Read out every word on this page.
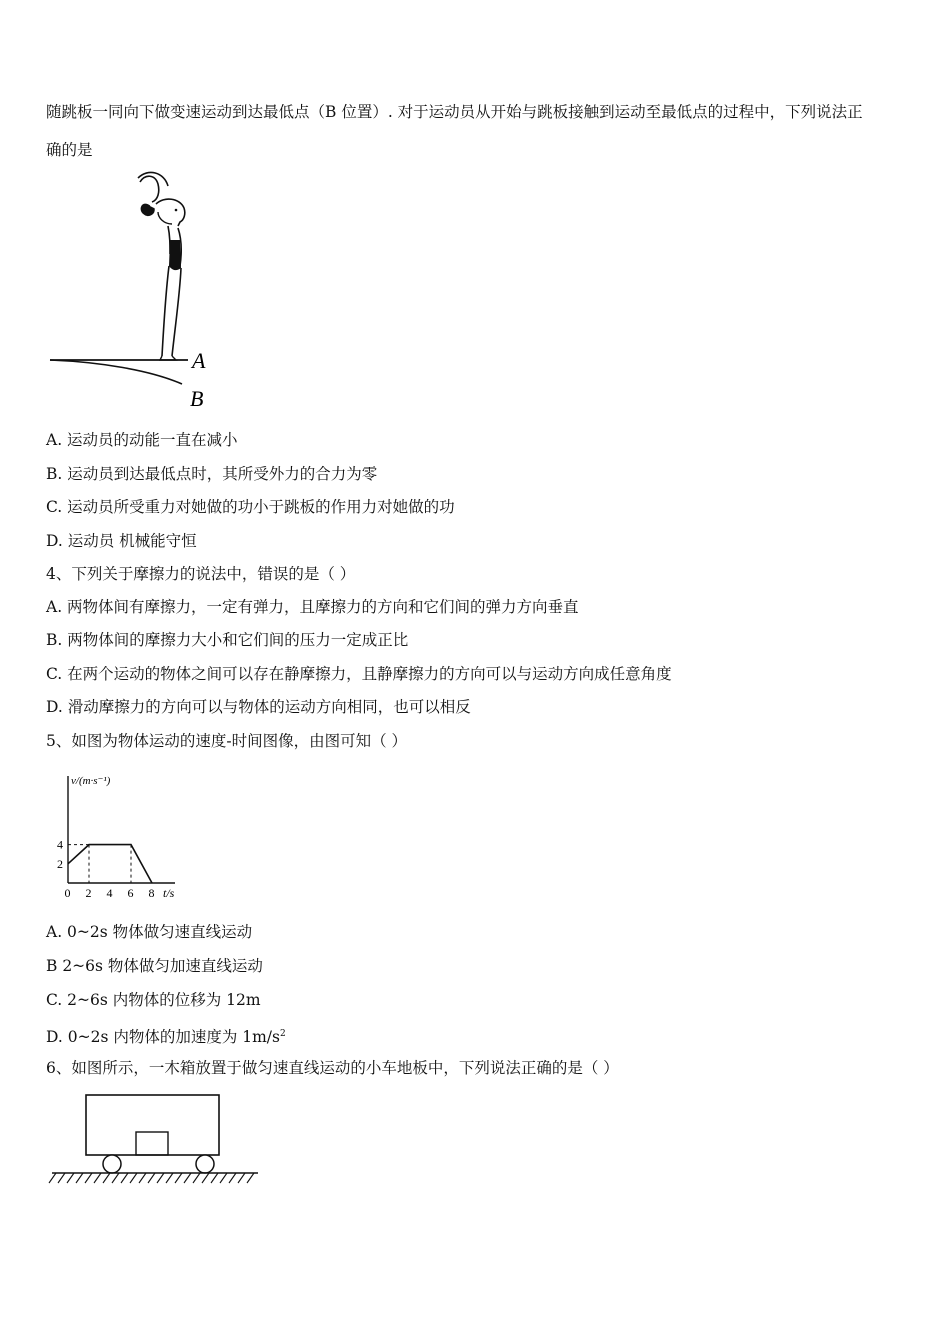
随跳板一同向下做变速运动到达最低点（B 位置）. 对于运动员从开始与跳板接触到运动至最低点的过程中，下列说法正
确的是
A
B
A. 运动员的动能一直在减小
B. 运动员到达最低点时，其所受外力的合力为零
C. 运动员所受重力对她做的功小于跳板的作用力对她做的功
D. 运动员 机械能守恒
4、下列关于摩擦力的说法中，错误的是（ ）
A. 两物体间有摩擦力，一定有弹力，且摩擦力的方向和它们间的弹力方向垂直
B. 两物体间的摩擦力大小和它们间的压力一定成正比
C. 在两个运动的物体之间可以存在静摩擦力，且静摩擦力的方向可以与运动方向成任意角度
D. 滑动摩擦力的方向可以与物体的运动方向相同，也可以相反
5、如图为物体运动的速度-时间图像，由图可知（ ）
v/(m·s⁻¹)
t/s
0 2 4 6 8
2
4
A. 0~2s 物体做匀速直线运动
B 2~6s 物体做匀加速直线运动
C. 2~6s 内物体的位移为 12m
D. 0~2s 内物体的加速度为 $1m/s^2$
6、如图所示，一木箱放置于做匀速直线运动的小车地板中，下列说法正确的是（ ）
